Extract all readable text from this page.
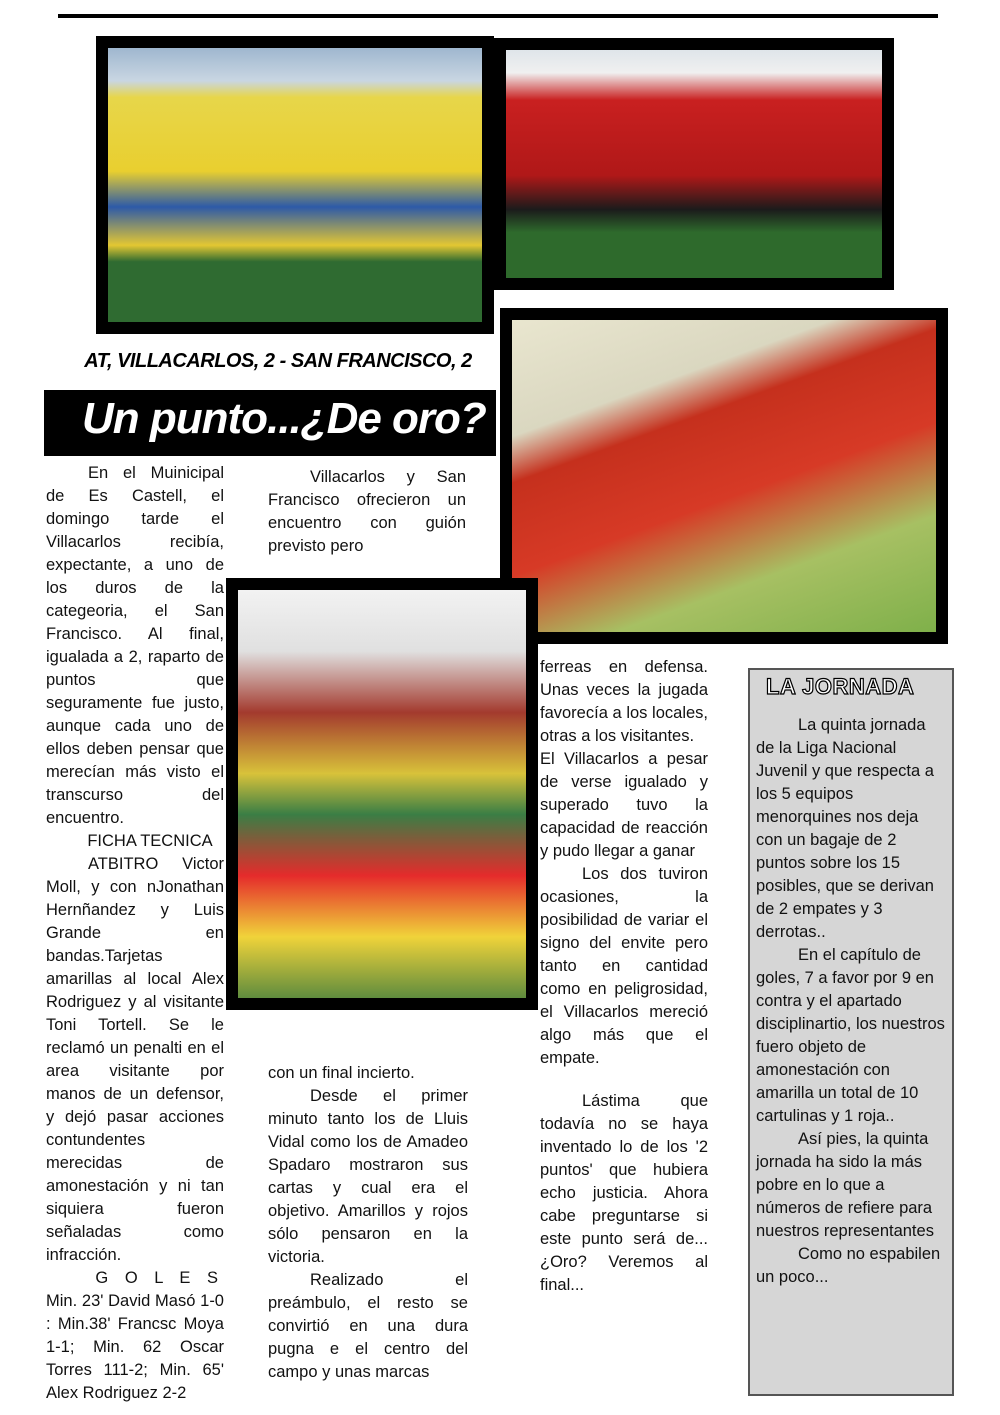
AT, VILLACARLOS, 2 - SAN FRANCISCO, 2
Un punto...¿De oro?

En el Muinicipal de Es Castell, el domingo tarde el Villacarlos recibía, expectante, a uno de los duros de la categeoria, el San Francisco. Al final, igualada a 2, raparto de puntos que seguramente fue justo, aunque cada uno de ellos deben pensar que merecían más visto el transcurso del encuentro.

FICHA TECNICA

ATBITRO Victor Moll, y con nJonathan Hernñandez y Luis Grande en bandas.Tarjetas amarillas al local Alex Rodriguez y al visitante Toni Tortell. Se le reclamó un penalti en el area visitante por manos de un defensor, y dejó pasar acciones contundentes merecidas de amonestación y ni tan siquiera fueron señaladas como infracción.

G O L E S

Min. 23' David Masó 1-0 : Min.38' Francsc Moya 1-1; Min. 62 Oscar Torres 111-2; Min. 65' Alex Rodriguez 2-2

Villacarlos y San Francisco ofrecieron un encuentro con guión previsto pero

con un final incierto.

Desde el primer minuto tanto los de Lluis Vidal como los de Amadeo Spadaro mostraron sus cartas y cual era el objetivo. Amarillos y rojos sólo pensaron en la victoria.

Realizado el preámbulo, el resto se convirtió en una dura pugna e el centro del campo y unas marcas

ferreas en defensa. Unas veces la jugada favorecía a los locales, otras a los visitantes.

El Villacarlos a pesar de verse igualado y superado tuvo la capacidad de reacción y pudo llegar a ganar

Los dos tuviron ocasiones, la posibilidad de variar el signo del envite pero tanto en cantidad como en peligrosidad, el Villacarlos mereció algo más que el empate.

Lástima que todavía no se haya inventado lo de los '2 puntos' que hubiera echo justicia. Ahora cabe preguntarse si este punto será de... ¿Oro? Veremos al final...

LA JORNADA

La quinta jornada de la Liga Nacional Juvenil y que respecta a los 5 equipos menorquines nos deja con un bagaje de 2 puntos sobre los 15 posibles, que se derivan de 2 empates y 3 derrotas..

En el capítulo de goles, 7 a favor por 9 en contra y el apartado disciplinartio, los nuestros fuero objeto de amonestación con amarilla un total de 10 cartulinas y 1 roja..

Así pies, la quinta jornada ha sido la más pobre en lo que a números de refiere para nuestros representantes

Como no espabilen un poco...
